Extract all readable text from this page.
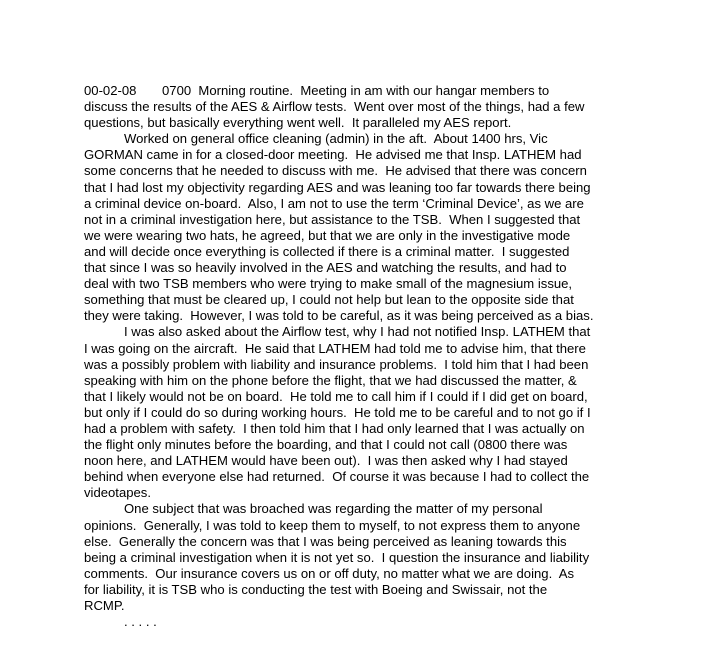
00-02-08 0700 Morning routine.  Meeting in am with our hangar members to
discuss the results of the AES & Airflow tests.  Went over most of the things, had a few
questions, but basically everything went well.  It paralleled my AES report.
Worked on general office cleaning (admin) in the aft.  About 1400 hrs, Vic
GORMAN came in for a closed-door meeting.  He advised me that Insp. LATHEM had
some concerns that he needed to discuss with me.  He advised that there was concern
that I had lost my objectivity regarding AES and was leaning too far towards there being
a criminal device on-board.  Also, I am not to use the term ‘Criminal Device’, as we are
not in a criminal investigation here, but assistance to the TSB.  When I suggested that
we were wearing two hats, he agreed, but that we are only in the investigative mode
and will decide once everything is collected if there is a criminal matter.  I suggested
that since I was so heavily involved in the AES and watching the results, and had to
deal with two TSB members who were trying to make small of the magnesium issue,
something that must be cleared up, I could not help but lean to the opposite side that
they were taking.  However, I was told to be careful, as it was being perceived as a bias.
I was also asked about the Airflow test, why I had not notified Insp. LATHEM that
I was going on the aircraft.  He said that LATHEM had told me to advise him, that there
was a possibly problem with liability and insurance problems.  I told him that I had been
speaking with him on the phone before the flight, that we had discussed the matter, &
that I likely would not be on board.  He told me to call him if I could if I did get on board,
but only if I could do so during working hours.  He told me to be careful and to not go if I
had a problem with safety.  I then told him that I had only learned that I was actually on
the flight only minutes before the boarding, and that I could not call (0800 there was
noon here, and LATHEM would have been out).  I was then asked why I had stayed
behind when everyone else had returned.  Of course it was because I had to collect the
videotapes.
One subject that was broached was regarding the matter of my personal
opinions.  Generally, I was told to keep them to myself, to not express them to anyone
else.  Generally the concern was that I was being perceived as leaning towards this
being a criminal investigation when it is not yet so.  I question the insurance and liability
comments.  Our insurance covers us on or off duty, no matter what we are doing.  As
for liability, it is TSB who is conducting the test with Boeing and Swissair, not the
RCMP.
. . . . .
